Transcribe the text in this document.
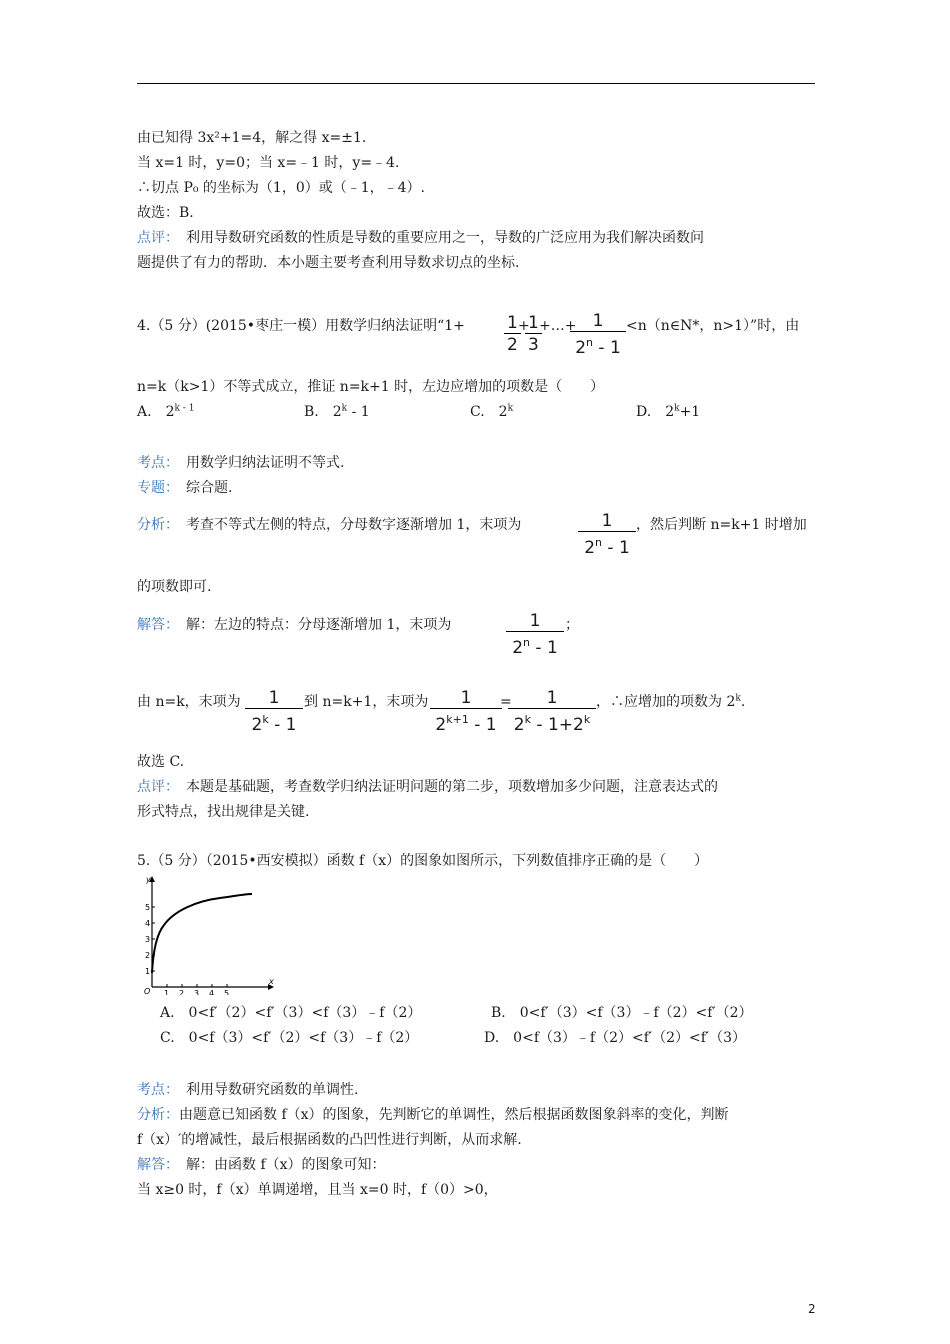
由已知得 3x²+1=4，解之得 x=±1.
当 x=1 时，y=0；当 x=﹣1 时，y=﹣4.
∴切点 P₀ 的坐标为（1，0）或（﹣1，﹣4）.
故选：B.
点评：　 利用导数研究函数的性质是导数的重要应用之一，导数的广泛应用为我们解决函数问
题提供了有力的帮助．本小题主要考查利用导数求切点的坐标.
4.（5 分）(2015•枣庄一模）用数学归纳法证明“$1+ \frac{1}{2}$
+
$\frac{1}{3}$
+…+
$\frac{1}{2^n - 1}$ <n（n∈N*，n>1）”时，由
n=k（k>1）不等式成立，推证 n=k+1 时，左边应增加的项数是（　　）
A.　 2$^{k - 1}$	B.　 2$^k$ - 1	C.　 2$^k$	D.　 $2^k+1$
考点：　 用数学归纳法证明不等式.
专题：　 综合题.
分析：　 考查不等式左侧的特点，分母数字逐渐增加 1，末项为	$\frac{1}{2^n - 1}$ ，然后判断 n=k+1 时增加
的项数即可.
解答：　 解：左边的特点：分母逐渐增加 1，末项为	$\frac{1}{2^n - 1}$ ；
由 n=k，末项为 $\frac{1}{2^k - 1}$ 到 n=k+1，末项为 $\frac{1}{2^{k+1} - 1}$
=
$\frac{1}{2^k - 1+2^k}$ ，∴应增加的项数为 2$^k$.
故选 C.
点评：　 本题是基础题，考查数学归纳法证明问题的第二步，项数增加多少问题，注意表达式的
形式特点，找出规律是关键.
5.（5 分）（2015•西安模拟）函数 f（x）的图象如图所示，下列数值排序正确的是（　　）
y
x
O
1
2
3
4
5
1 2 3 4 5
A.　0<f′（2）<f′（3）<f（3）﹣f（2）	B.　0<f′（3）<f（3）﹣f（2）<f′（2）
C.　0<f（3）<f′（2）<f（3）﹣f（2）	D.　0<f（3）﹣f（2）<f′（2）<f′（3）
考点：　 利用导数研究函数的单调性.
分析：由题意已知函数 f（x）的图象，先判断它的单调性，然后根据函数图象斜率的变化，判断
f（x）′的增减性，最后根据函数的凸凹性进行判断，从而求解.
解答：　 解：由函数 f（x）的图象可知：
当 x≥0 时，f（x）单调递增，且当 x=0 时，f（0）>0，
2
